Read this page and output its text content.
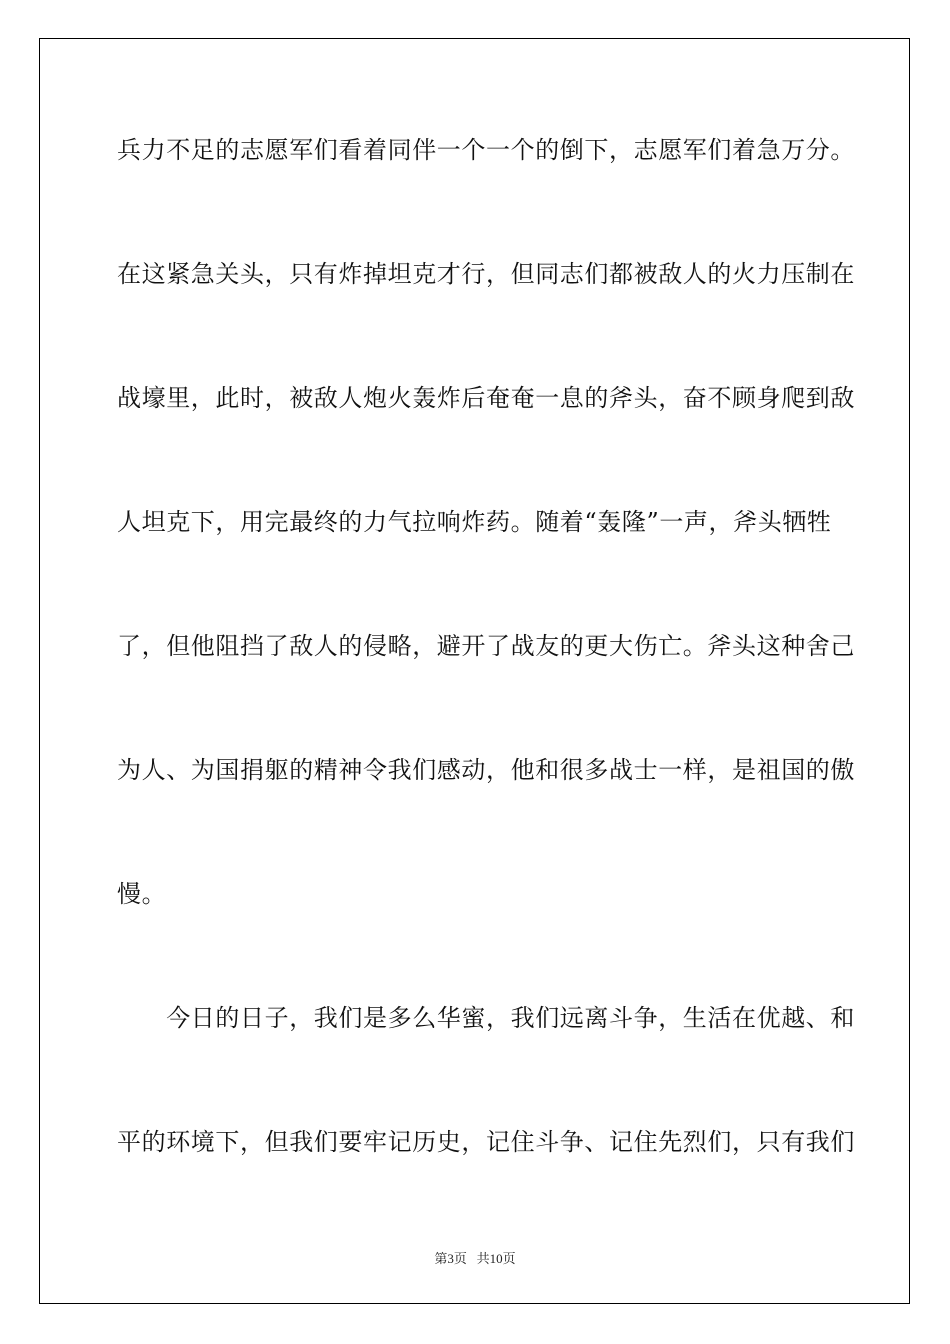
兵力不足的志愿军们看着同伴一个一个的倒下，志愿军们着急万分。
在这紧急关头，只有炸掉坦克才行，但同志们都被敌人的火力压制在
战壕里，此时，被敌人炮火轰炸后奄奄一息的斧头，奋不顾身爬到敌
人坦克下，用完最终的力气拉响炸药。随着“轰隆”一声，斧头牺牲
了，但他阻挡了敌人的侵略，避开了战友的更大伤亡。斧头这种舍己
为人、为国捐躯的精神令我们感动，他和很多战士一样，是祖国的傲
慢。
　　今日的日子，我们是多么华蜜，我们远离斗争，生活在优越、和
平的环境下，但我们要牢记历史，记住斗争、记住先烈们，只有我们
第3页 共10页
